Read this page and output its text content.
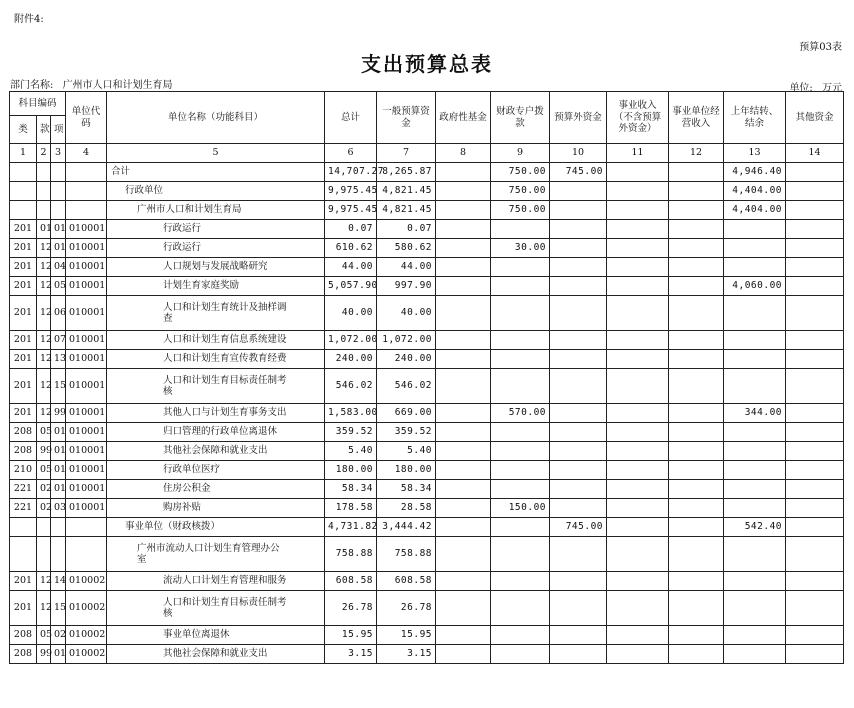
附件4:
预算03表
支出预算总表
部门名称: 广州市人口和计划生育局	单位: 万元
科目编码			单位代码	单位名称（功能科目）	总计	一般预算资金	政府性基金	财政专户拨款	预算外资金	事业收入（不含预算外资金）	事业单位经营收入	上年结转、结余	其他资金
类	款	项											
1	2	3	4	5	6	7	8	9	10	11	12	13	14

				合计	14,707.27	8,265.87		750.00	745.00			4,946.40	

				行政单位	9,975.45	4,821.45		750.00				4,404.00	

				广州市人口和计划生育局	9,975.45	4,821.45		750.00				4,404.00	
201	01	01	010001	行政运行	0.07	0.07							
201	12	01	010001	行政运行	610.62	580.62		30.00					
201	12	04	010001	人口规划与发展战略研究	44.00	44.00							
201	12	05	010001	计划生育家庭奖励	5,057.90	997.90						4,060.00	
201	12	06	010001	人口和计划生育统计及抽样调
查	40.00	40.00							
201	12	07	010001	人口和计划生育信息系统建设	1,072.00	1,072.00							
201	12	13	010001	人口和计划生育宣传教育经费	240.00	240.00							
201	12	15	010001	人口和计划生育目标责任制考
核	546.02	546.02							
201	12	99	010001	其他人口与计划生育事务支出	1,583.00	669.00		570.00				344.00	
208	05	01	010001	归口管理的行政单位离退休	359.52	359.52							
208	99	01	010001	其他社会保障和就业支出	5.40	5.40							
210	05	01	010001	行政单位医疗	180.00	180.00							
221	02	01	010001	住房公积金	58.34	58.34							
221	02	03	010001	购房补贴	178.58	28.58		150.00					

				事业单位（财政核拨）	4,731.82	3,444.42			745.00			542.40	

				广州市流动人口计划生育管理办公
室	758.88	758.88							
201	12	14	010002	流动人口计划生育管理和服务	608.58	608.58							
201	12	15	010002	人口和计划生育目标责任制考
核	26.78	26.78							
208	05	02	010002	事业单位离退休	15.95	15.95							
208	99	01	010002	其他社会保障和就业支出	3.15	3.15							
